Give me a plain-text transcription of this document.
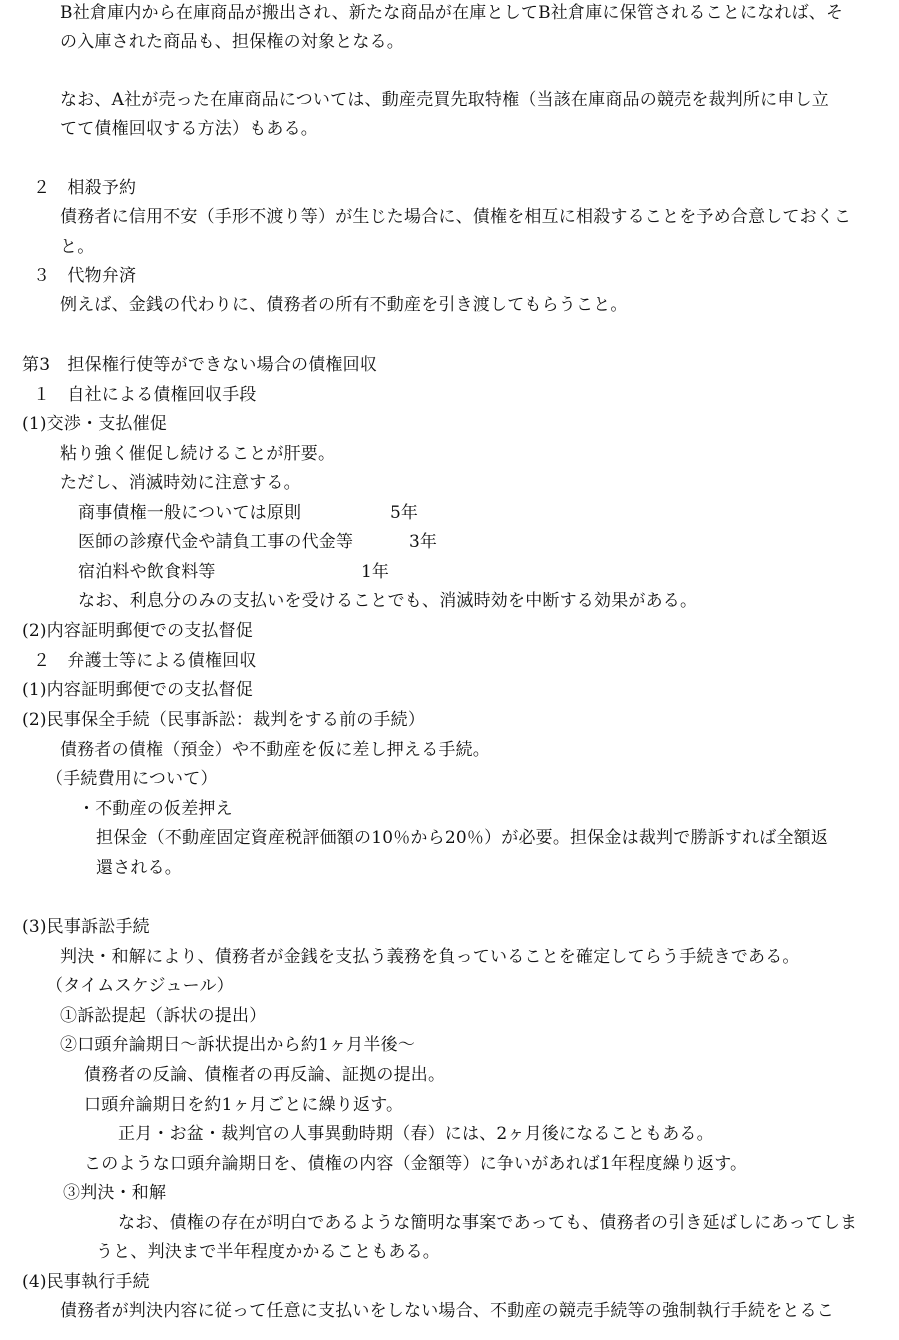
B社倉庫内から在庫商品が搬出され、新たな商品が在庫としてB社倉庫に保管されることになれば、そ
の入庫された商品も、担保権の対象となる。
なお、A社が売った在庫商品については、動産売買先取特権（当該在庫商品の競売を裁判所に申し立
てて債権回収する方法）もある。
２　相殺予約
債務者に信用不安（手形不渡り等）が生じた場合に、債権を相互に相殺することを予め合意しておくこ
と。
３　代物弁済
例えば、金銭の代わりに、債務者の所有不動産を引き渡してもらうこと。
第3　担保権行使等ができない場合の債権回収
１　自社による債権回収手段
(1)交渉・支払催促
粘り強く催促し続けることが肝要。
ただし、消滅時効に注意する。
商事債権一般については原則	5年
医師の診療代金や請負工事の代金等	3年
宿泊料や飲食料等	1年
なお、利息分のみの支払いを受けることでも、消滅時効を中断する効果がある。
(2)内容証明郵便での支払督促
２　弁護士等による債権回収
(1)内容証明郵便での支払督促
(2)民事保全手続（民事訴訟：裁判をする前の手続）
債務者の債権（預金）や不動産を仮に差し押える手続。
（手続費用について）
・不動産の仮差押え
担保金（不動産固定資産税評価額の10％から20％）が必要。担保金は裁判で勝訴すれば全額返
還される。
(3)民事訴訟手続
判決・和解により、債務者が金銭を支払う義務を負っていることを確定してらう手続きである。
（タイムスケジュール）
①訴訟提起（訴状の提出）
②口頭弁論期日～訴状提出から約1ヶ月半後～
債務者の反論、債権者の再反論、証拠の提出。
口頭弁論期日を約1ヶ月ごとに繰り返す。
正月・お盆・裁判官の人事異動時期（春）には、2ヶ月後になることもある。
このような口頭弁論期日を、債権の内容（金額等）に争いがあれば1年程度繰り返す。
③判決・和解
なお、債権の存在が明白であるような簡明な事案であっても、債務者の引き延ばしにあってしま
うと、判決まで半年程度かかることもある。
(4)民事執行手続
債務者が判決内容に従って任意に支払いをしない場合、不動産の競売手続等の強制執行手続をとるこ
